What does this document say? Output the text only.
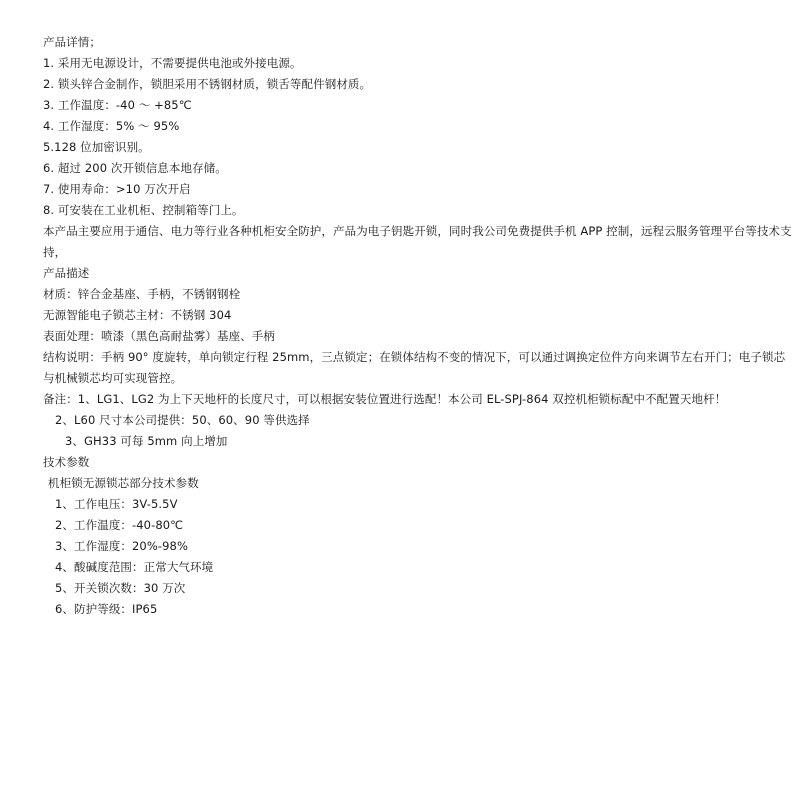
产品详情；

1. 采用无电源设计，不需要提供电池或外接电源。

2. 锁头锌合金制作，锁胆采用不锈钢材质，锁舌等配件钢材质。

3. 工作温度：-40 ～ +85℃

4. 工作湿度：5% ～ 95%

5.128 位加密识别。

6. 超过 200 次开锁信息本地存储。

7. 使用寿命：>10 万次开启

8. 可安装在工业机柜、控制箱等门上。

本产品主要应用于通信、电力等行业各种机柜安全防护，产品为电子钥匙开锁，同时我公司免费提供手机 APP 控制，远程云服务管理平台等技术支持，

产品描述

材质：锌合金基座、手柄，不锈钢钢栓

无源智能电子锁芯主材：不锈钢 304

表面处理：喷漆（黑色高耐盐雾）基座、手柄

结构说明：手柄 90° 度旋转，单向锁定行程 25mm，三点锁定；在锁体结构不变的情况下，可以通过调换定位件方向来调节左右开门；电子锁芯与机械锁芯均可实现管控。

备注：1、LG1、LG2 为上下天地杆的长度尺寸，可以根据安装位置进行选配！本公司 EL-SPJ-864 双控机柜锁标配中不配置天地杆！

2、L60 尺寸本公司提供：50、60、90 等供选择

3、GH33 可每 5mm 向上增加

技术参数

机柜锁无源锁芯部分技术参数

1、工作电压：3V-5.5V

2、工作温度：-40-80℃

3、工作湿度：20%-98%

4、酸碱度范围：正常大气环境

5、开关锁次数：30 万次

6、防护等级：IP65
